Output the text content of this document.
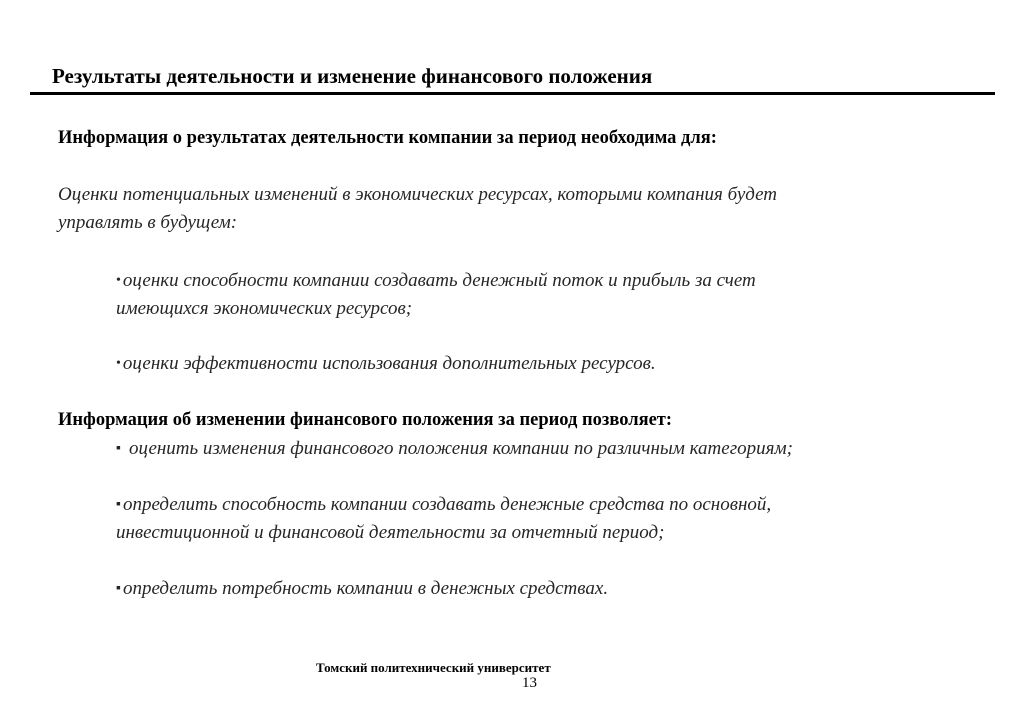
Результаты деятельности и изменение финансового положения
Информация о результатах деятельности компании за период необходима для:
Оценки потенциальных изменений в экономических ресурсах, которыми компания будет
управлять в будущем:
• оценки способности компании создавать денежный поток и прибыль за счет
имеющихся экономических ресурсов;
• оценки эффективности использования дополнительных ресурсов.
Информация об изменении финансового положения за период позволяет:
▪ оценить изменения финансового положения компании по различным категориям;
▪ определить способность компании создавать денежные средства по основной,
инвестиционной и финансовой деятельности за отчетный период;
▪ определить потребность компании в денежных средствах.
Томский политехнический университет
13
